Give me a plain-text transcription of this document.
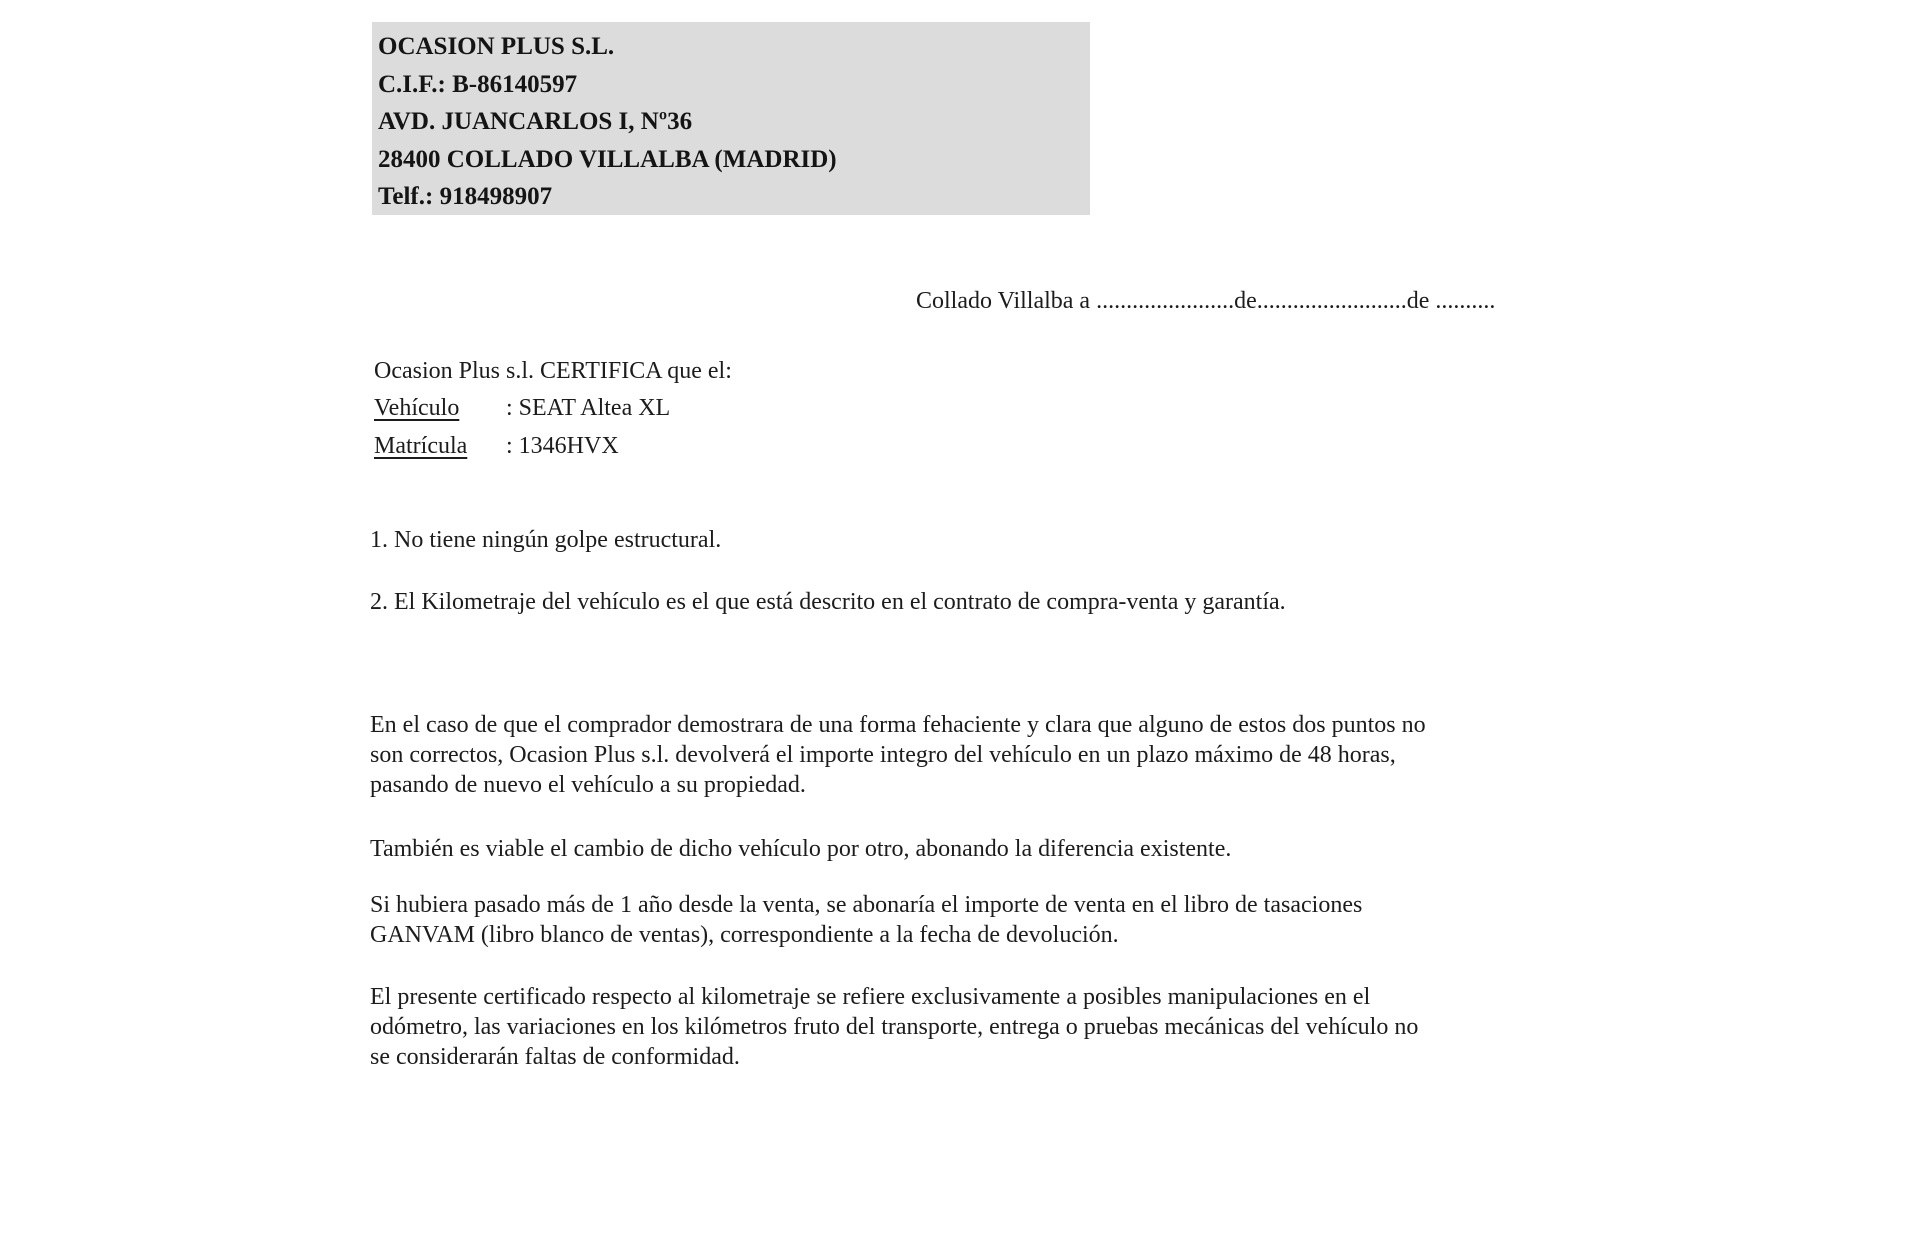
OCASION PLUS S.L.
C.I.F.: B-86140597
AVD. JUANCARLOS I, Nº36
28400 COLLADO VILLALBA (MADRID)
Telf.: 918498907
Collado Villalba a .......................de.........................de ..........
Ocasion Plus s.l. CERTIFICA que el:
Vehículo : SEAT Altea XL
Matrícula : 1346HVX
1. No tiene ningún golpe estructural.
2. El Kilometraje del vehículo es el que está descrito en el contrato de compra-venta y garantía.

En el caso de que el comprador demostrara de una forma fehaciente y clara que alguno de estos dos puntos no
son correctos, Ocasion Plus s.l. devolverá el importe integro del vehículo en un plazo máximo de 48 horas,
pasando de nuevo el vehículo a su propiedad.

También es viable el cambio de dicho vehículo por otro, abonando la diferencia existente.

Si hubiera pasado más de 1 año desde la venta, se abonaría el importe de venta en el libro de tasaciones
GANVAM (libro blanco de ventas), correspondiente a la fecha de devolución.

El presente certificado respecto al kilometraje se refiere exclusivamente a posibles manipulaciones en el
odómetro, las variaciones en los kilómetros fruto del transporte, entrega o pruebas mecánicas del vehículo no
se considerarán faltas de conformidad.
